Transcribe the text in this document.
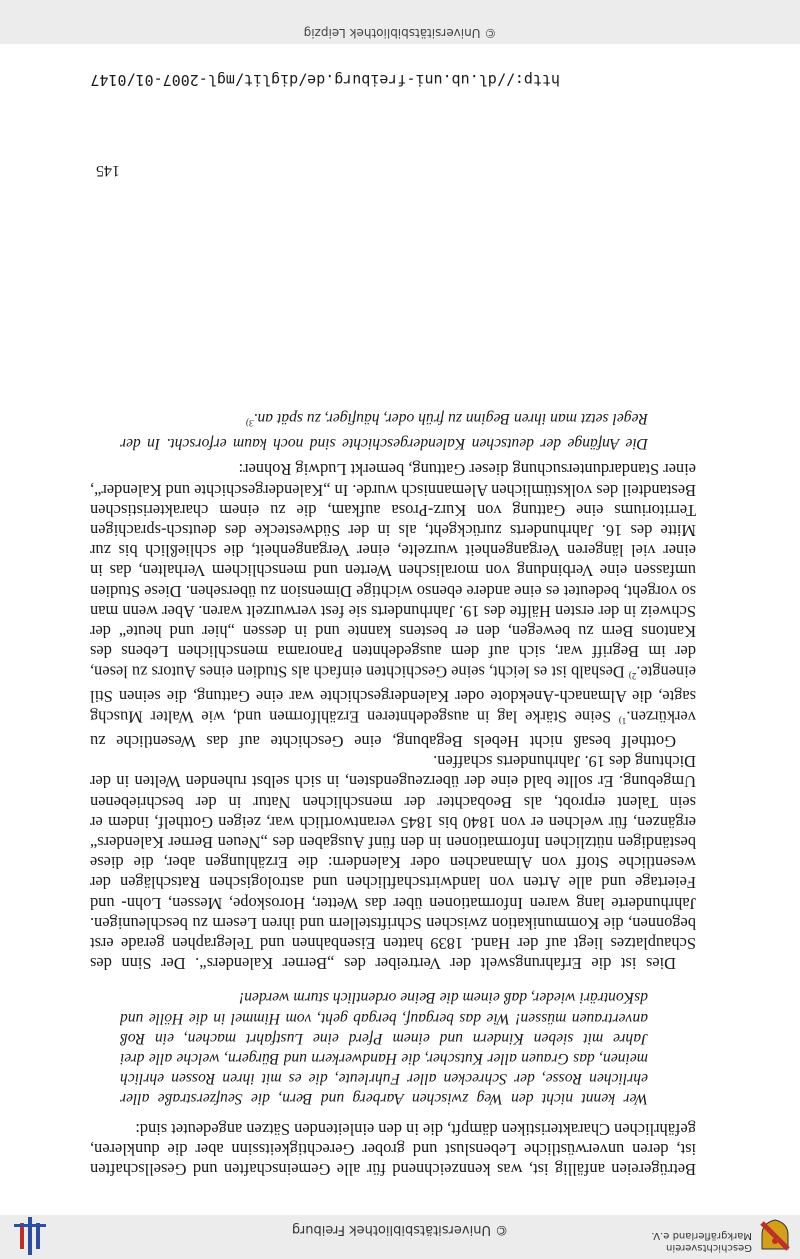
Geschichtsverein
Markgräflerland e.V.
© Universitätsbibliothek Freiburg

Betrügereien anfällig ist, was kennzeichnend für alle Gemeinschaften und Gesellschaften ist, deren unverwüstliche Lebenslust und grober Gerechtigkeitssinn aber die dunkleren, gefährlichen Charakteristiken dämpft, die in den einleitenden Sätzen angedeutet sind:

Wer kennt nicht den Weg zwischen Aarberg und Bern, die Seufzerstraße aller ehrlichen Rosse, der Schrecken aller Fuhrleute, die es mit ihren Rossen ehrlich meinen, das Grauen aller Kutscher, die Handwerkern und Bürgern, welche alle drei Jahre mit sieben Kindern und einem Pferd eine Lustfahrt machen, ein Roß anvertrauen müssen! Wie das bergauf, bergab geht, vom Himmel in die Hölle und dsKonträri wieder, daß einem die Beine ordentlich sturm werden!

Dies ist die Erfahrungswelt der Vertreiber des „Berner Kalenders“. Der Sinn des Schauplatzes liegt auf der Hand. 1839 hatten Eisenbahnen und Telegraphen gerade erst begonnen, die Kommunikation zwischen Schriftstellern und ihren Lesern zu beschleunigen. Jahrhunderte lang waren Informationen über das Wetter, Horoskope, Messen, Lohn- und Feiertage und alle Arten von landwirtschaftlichen und astrologischen Ratschlägen der wesentliche Stoff von Almanachen oder Kalendern: die Erzählungen aber, die diese beständigen nützlichen Informationen in den fünf Ausgaben des „Neuen Berner Kalenders“ ergänzen, für welchen er von 1840 bis 1845 verantwortlich war, zeigen Gotthelf, indem er sein Talent erprobt, als Beobachter der menschlichen Natur in der beschriebenen Umgebung. Er sollte bald eine der überzeugendsten, in sich selbst ruhenden Welten in der Dichtung des 19. Jahrhunderts schaffen.

Gotthelf besaß nicht Hebels Begabung, eine Geschichte auf das Wesentliche zu verkürzen.$^{1)}$ Seine Stärke lag in ausgedehnteren Erzählformen und, wie Walter Muschg sagte, die Almanach-Anekdote oder Kalendergeschichte war eine Gattung, die seinen Stil einengte.$^{2)}$ Deshalb ist es leicht, seine Geschichten einfach als Studien eines Autors zu lesen, der im Begriff war, sich auf dem ausgedehnten Panorama menschlichen Lebens des Kantons Bern zu bewegen, den er bestens kannte und in dessen „hier und heute“ der Schweiz in der ersten Hälfte des 19. Jahrhunderts sie fest verwurzelt waren. Aber wenn man so vorgeht, bedeutet es eine andere ebenso wichtige Dimension zu übersehen. Diese Studien umfassen eine Verbindung von moralischen Werten und menschlichem Verhalten, das in einer viel längeren Vergangenheit wurzelte, einer Vergangenheit, die schließlich bis zur Mitte des 16. Jahrhunderts zurückgeht, als in der Südwestecke des deutsch-sprachigen Territoriums eine Gattung von Kurz-Prosa aufkam, die zu einem charakteristischen Bestandteil des volkstümlichen Alemannisch wurde. In „Kalendergeschichte und Kalender“, einer Standarduntersuchung dieser Gattung, bemerkt Ludwig Rohner:

Die Anfänge der deutschen Kalendergeschichte sind noch kaum erforscht. In der Regel setzt man ihren Beginn zu früh oder, häufiger, zu spät an.$^{3)}$

145
© Universitätsbibliothek Leipzig
http://dl.ub.uni-freiburg.de/diglit/mgl-2007-01/0147
